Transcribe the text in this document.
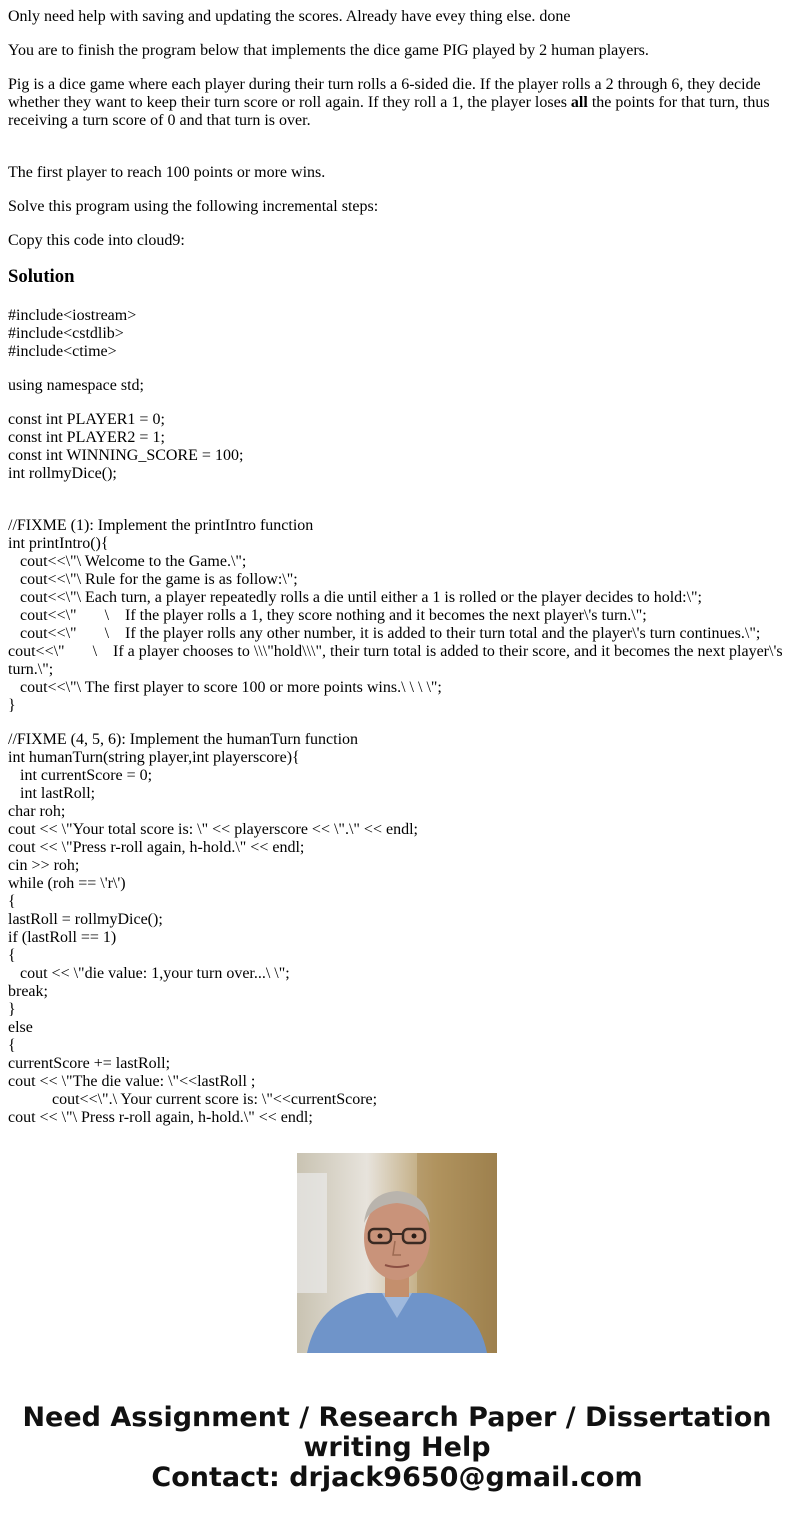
Only need help with saving and updating the scores. Already have evey thing else. done

You are to finish the program below that implements the dice game PIG played by 2 human players.

Pig is a dice game where each player during their turn rolls a 6-sided die. If the player rolls a 2 through 6, they decide whether they want to keep their turn score or roll again. If they roll a 1, the player loses all the points for that turn, thus receiving a turn score of 0 and that turn is over.

The first player to reach 100 points or more wins.

Solve this program using the following incremental steps:

Copy this code into cloud9:

Solution
#include<iostream>
#include<cstdlib>
#include<ctime>
using namespace std;
const int PLAYER1 = 0;
const int PLAYER2 = 1;
const int WINNING_SCORE = 100;
int rollmyDice();
//FIXME (1): Implement the printIntro function
int printIntro(){
cout<<\"\ Welcome to the Game.\";
cout<<\"\ Rule for the game is as follow:\";
cout<<\"\ Each turn, a player repeatedly rolls a die until either a 1 is rolled or the player decides to hold:\";
cout<<\"       \    If the player rolls a 1, they score nothing and it becomes the next player\'s turn.\";
cout<<\"       \    If the player rolls any other number, it is added to their turn total and the player\'s turn continues.\";
cout<<\"       \    If a player chooses to \\\"hold\\\", their turn total is added to their score, and it becomes the next player\'s turn.\";
cout<<\"\ The first player to score 100 or more points wins.\ \ \ \";
}
//FIXME (4, 5, 6): Implement the humanTurn function
int humanTurn(string player,int playerscore){
int currentScore = 0;
int lastRoll;
char roh;
cout << \"Your total score is: \" << playerscore << \".\" << endl;
cout << \"Press r-roll again, h-hold.\" << endl;
cin >> roh;
while (roh == \'r\')
{
lastRoll = rollmyDice();
if (lastRoll == 1)
{
cout << \"die value: 1,your turn over...\ \";
break;
}
else
{
currentScore += lastRoll;
cout << \"The die value: \"<<lastRoll ;
cout<<\".\ Your current score is: \"<<currentScore;
cout << \"\ Press r-roll again, h-hold.\" << endl;
Need Assignment / Research Paper / Dissertation
writing Help
Contact: drjack9650@gmail.com
